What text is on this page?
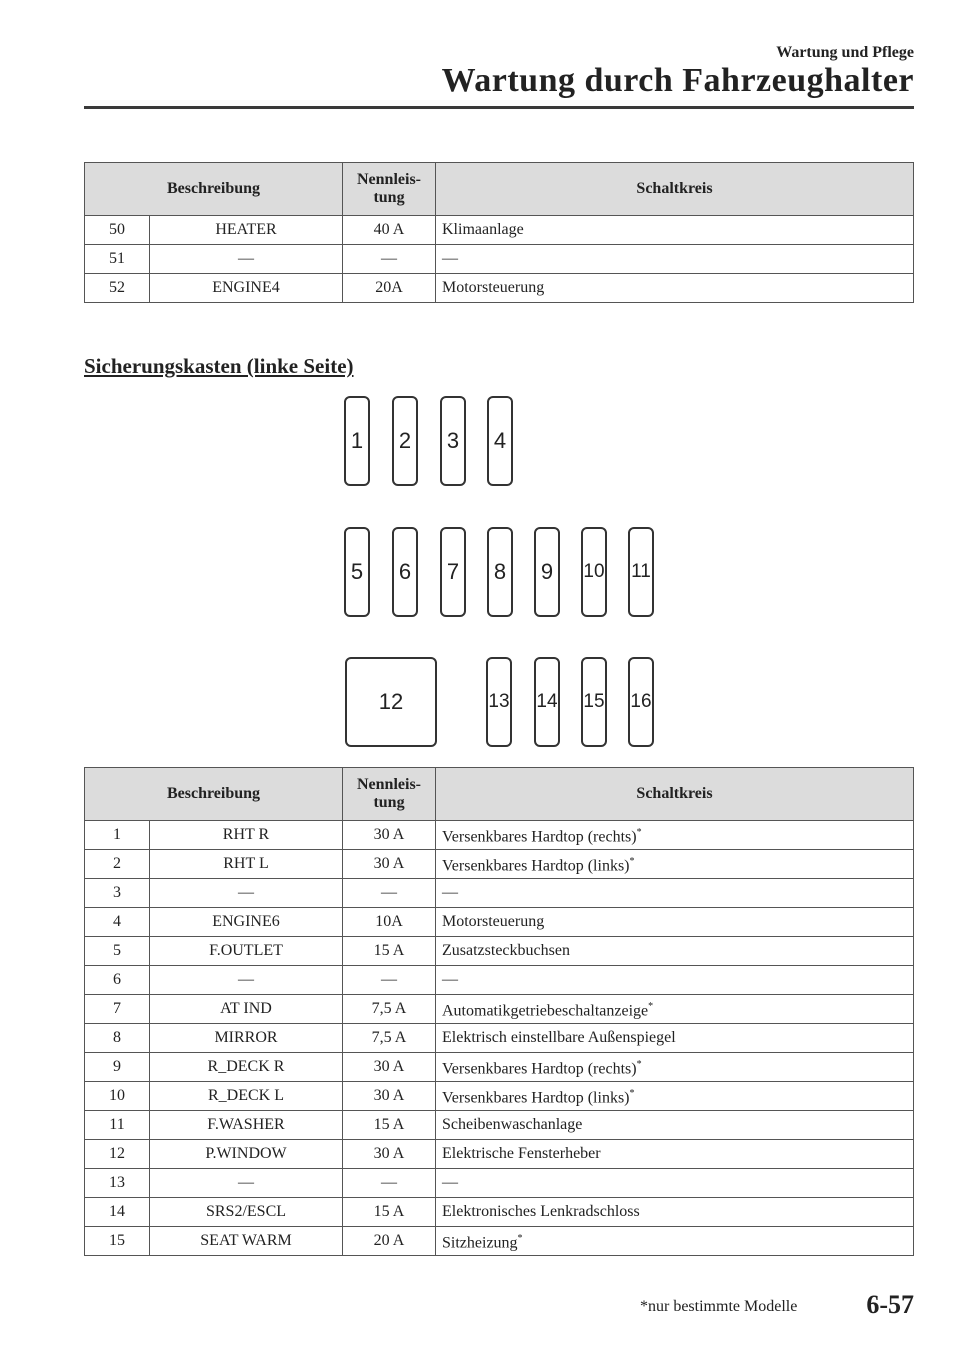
Wartung und Pflege
Wartung durch Fahrzeughalter
Beschreibung		Nennleis-
tung	Schaltkreis
50	HEATER	40 A	Klimaanlage
51	―	―	―
52	ENGINE4	20A	Motorsteuerung
Sicherungskasten (linke Seite)
1	2	3	4
5	6	7	8	9	10 11
12	13 14 15 16
Beschreibung		Nennleis-
tung	Schaltkreis
1	RHT R	30 A	Versenkbares Hardtop (rechts)*
2	RHT L	30 A	Versenkbares Hardtop (links)*
3	―	―	―
4	ENGINE6	10A	Motorsteuerung
5	F.OUTLET	15 A	Zusatzsteckbuchsen
6	―	―	―
7	AT IND	7,5 A	Automatikgetriebeschaltanzeige*
8	MIRROR	7,5 A	Elektrisch einstellbare Außenspiegel
9	R_DECK R	30 A	Versenkbares Hardtop (rechts)*
10	R_DECK L	30 A	Versenkbares Hardtop (links)*
11	F.WASHER	15 A	Scheibenwaschanlage
12	P.WINDOW	30 A	Elektrische Fensterheber
13	―	―	―
14	SRS2/ESCL	15 A	Elektronisches Lenkradschloss
15	SEAT WARM	20 A	Sitzheizung*
*nur bestimmte Modelle	6-57
